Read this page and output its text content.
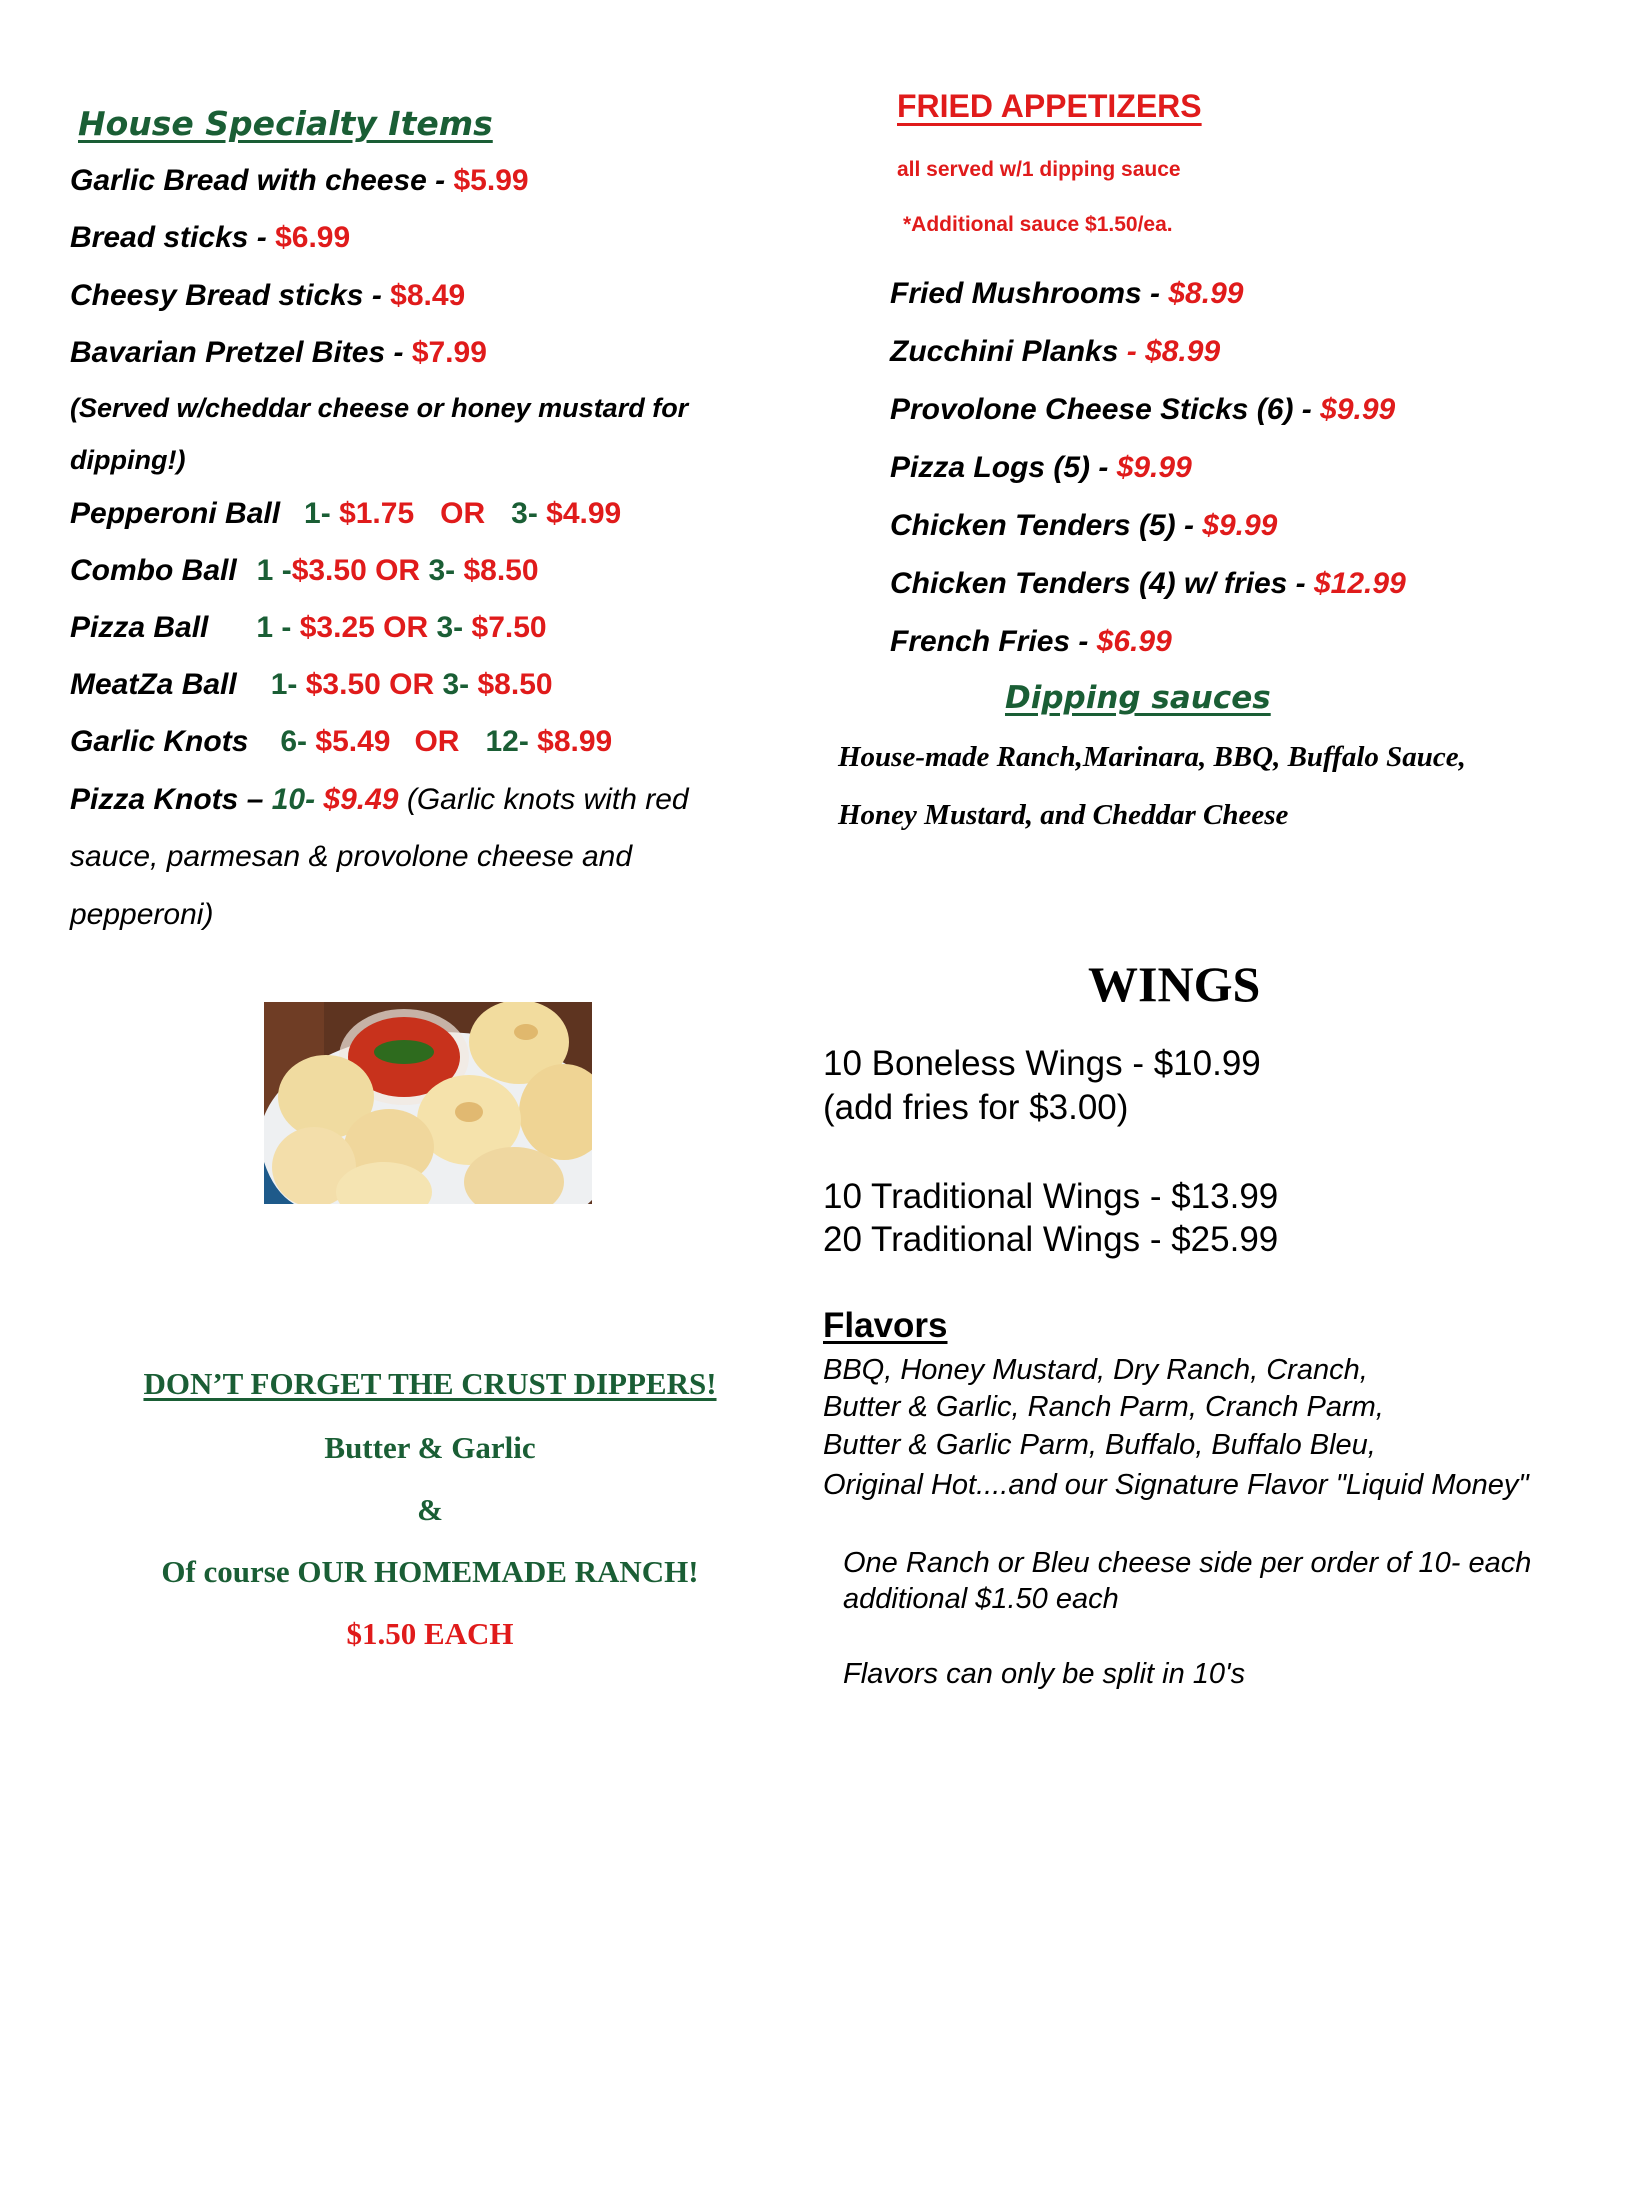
House Specialty Items
Garlic Bread with cheese - $5.99
Bread sticks - $6.99
Cheesy Bread sticks - $8.49
Bavarian Pretzel Bites - $7.99
(Served w/cheddar cheese or honey mustard for
dipping!)
Pepperoni Ball 1- $1.75 OR 3- $4.99
Combo Ball 1 -$3.50 OR 3- $8.50
Pizza Ball 1 - $3.25 OR 3- $7.50
MeatZa Ball 1- $3.50 OR 3- $8.50
Garlic Knots 6- $5.49 OR 12- $8.99
Pizza Knots – 10- $9.49 (Garlic knots with red
sauce, parmesan & provolone cheese and
pepperoni)
DON’T FORGET THE CRUST DIPPERS!
Butter & Garlic
&
Of course OUR HOMEMADE RANCH!
$1.50 EACH
FRIED APPETIZERS
all served w/1 dipping sauce
*Additional sauce $1.50/ea.
Fried Mushrooms - $8.99
Zucchini Planks - $8.99
Provolone Cheese Sticks (6) - $9.99
Pizza Logs (5) - $9.99
Chicken Tenders (5) - $9.99
Chicken Tenders (4) w/ fries - $12.99
French Fries - $6.99
Dipping sauces
House-made Ranch,Marinara, BBQ, Buffalo Sauce,
Honey Mustard, and Cheddar Cheese
WINGS
10 Boneless Wings - $10.99
(add fries for $3.00)
10 Traditional Wings - $13.99
20 Traditional Wings - $25.99
Flavors
BBQ, Honey Mustard, Dry Ranch, Cranch,
Butter & Garlic, Ranch Parm, Cranch Parm,
Butter & Garlic Parm, Buffalo, Buffalo Bleu,
Original Hot....and our Signature Flavor "Liquid Money"
One Ranch or Bleu cheese side per order of 10- each
additional $1.50 each
Flavors can only be split in 10's
